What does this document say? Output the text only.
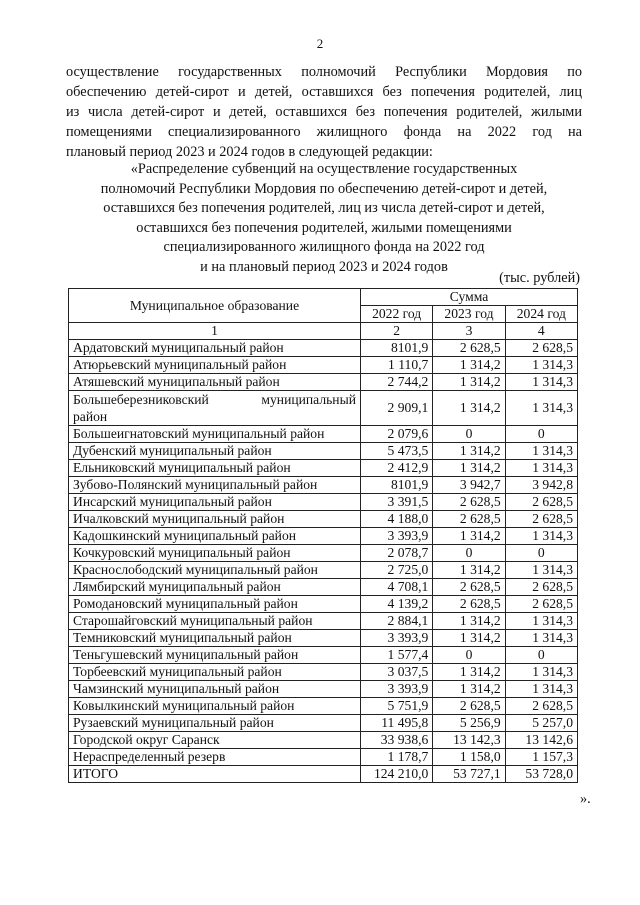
2
осуществление государственных полномочий Республики Мордовия по
обеспечению детей-сирот и детей, оставшихся без попечения родителей, лиц
из числа детей-сирот и детей, оставшихся без попечения родителей, жилыми
помещениями специализированного жилищного фонда на 2022 год на
плановый период 2023 и 2024 годов в следующей редакции:
«Распределение субвенций на осуществление государственных
полномочий Республики Мордовия по обеспечению детей-сирот и детей,
оставшихся без попечения родителей, лиц из числа детей-сирот и детей,
оставшихся без попечения родителей, жилыми помещениями
специализированного жилищного фонда на 2022 год
и на плановый период 2023 и 2024 годов
(тыс. рублей)
Муниципальное образование	Сумма		
	2022 год	2023 год	2024 год
1	2	3	4
Ардатовский муниципальный район	8101,9	2 628,5	2 628,5
Атюрьевский муниципальный район	1 110,7	1 314,2	1 314,3
Атяшевский муниципальный район	2 744,2	1 314,2	1 314,3

Большеберезниковский муниципальный
район	2 909,1	1 314,2	1 314,3
Большеигнатовский муниципальный район	2 079,6	0	0
Дубенский муниципальный район	5 473,5	1 314,2	1 314,3
Ельниковский муниципальный район	2 412,9	1 314,2	1 314,3
Зубово-Полянский муниципальный район	8101,9	3 942,7	3 942,8
Инсарский муниципальный район	3 391,5	2 628,5	2 628,5
Ичалковский муниципальный район	4 188,0	2 628,5	2 628,5
Кадошкинский муниципальный район	3 393,9	1 314,2	1 314,3
Кочкуровский муниципальный район	2 078,7	0	0
Краснослободский муниципальный район	2 725,0	1 314,2	1 314,3
Лямбирский муниципальный район	4 708,1	2 628,5	2 628,5
Ромодановский муниципальный район	4 139,2	2 628,5	2 628,5
Старошайговский муниципальный район	2 884,1	1 314,2	1 314,3
Темниковский муниципальный район	3 393,9	1 314,2	1 314,3
Теньгушевский муниципальный район	1 577,4	0	0
Торбеевский муниципальный район	3 037,5	1 314,2	1 314,3
Чамзинский муниципальный район	3 393,9	1 314,2	1 314,3
Ковылкинский муниципальный район	5 751,9	2 628,5	2 628,5
Рузаевский муниципальный район	11 495,8	5 256,9	5 257,0
Городской округ Саранск	33 938,6	13 142,3	13 142,6
Нераспределенный резерв	1 178,7	1 158,0	1 157,3
ИТОГО	124 210,0	53 727,1	53 728,0
».
